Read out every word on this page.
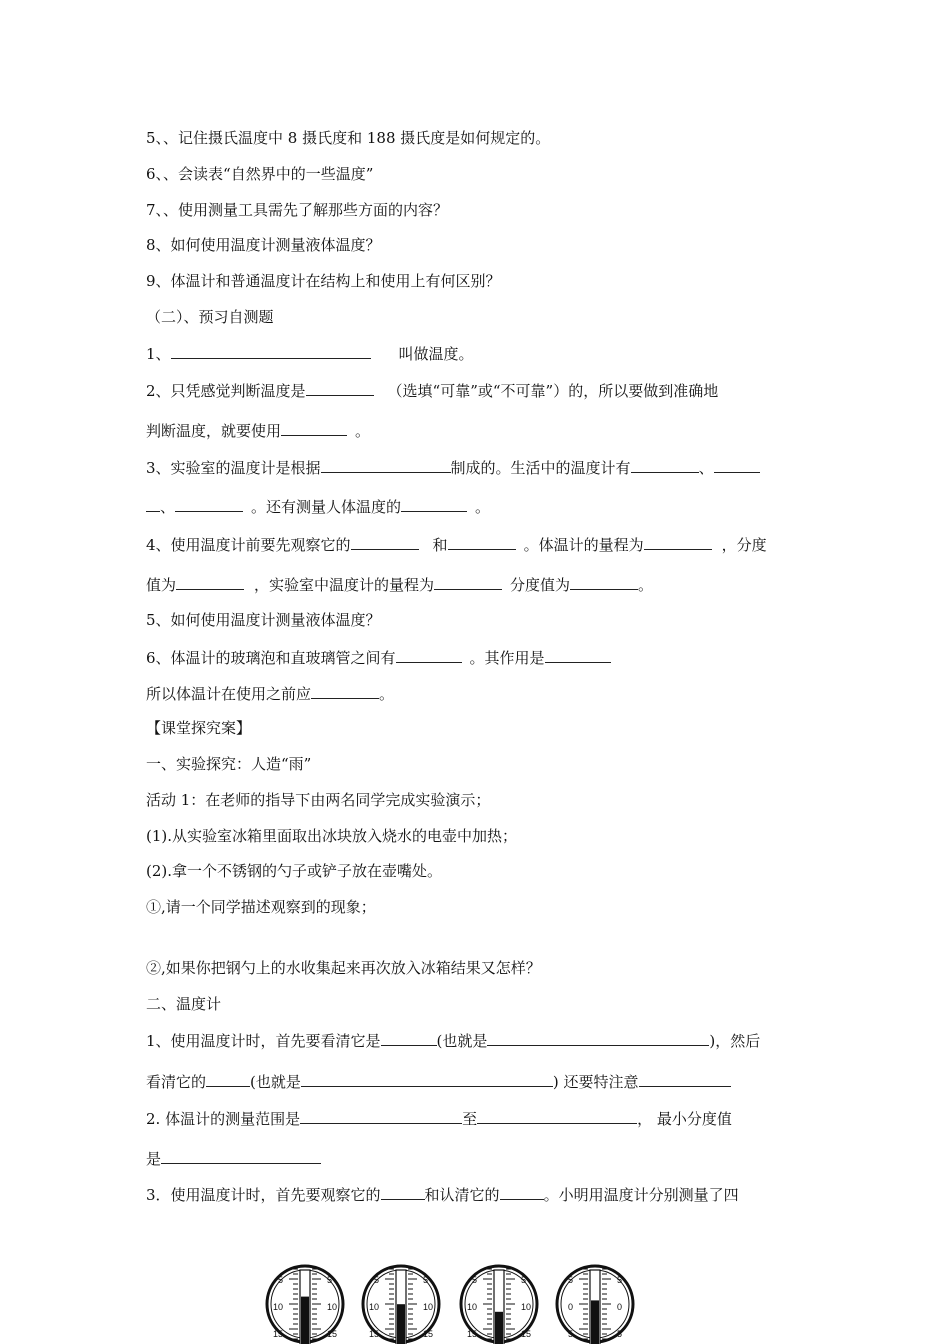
5、、记住摄氏温度中 8 摄氏度和 188 摄氏度是如何规定的。
6、、会读表“自然界中的一些温度”
7、、使用测量工具需先了解那些方面的内容？
8、如何使用温度计测量液体温度？
9、体温计和普通温度计在结构上和使用上有何区别？
（二）、预习自测题
1、	叫做温度。
2、只凭感觉判断温度是	（选填“可靠”或“不可靠”）的，所以要做到准确地
判断温度，就要使用	。
3、实验室的温度计是根据	制成的。生活中的温度计有	、
、	。还有测量人体温度的	。
4、使用温度计前要先观察它的	和	。体温计的量程为	，分度
值为	，实验室中温度计的量程为	分度值为	。
5、如何使用温度计测量液体温度？
6、体温计的玻璃泡和直玻璃管之间有	。其作用是
所以体温计在使用之前应	。
【课堂探究案】
一、实验探究：人造“雨”
活动 1：在老师的指导下由两名同学完成实验演示；
(1).从实验室冰箱里面取出冰块放入烧水的电壶中加热；
(2).拿一个不锈钢的勺子或铲子放在壶嘴处。
①,请一个同学描述观察到的现象；
②,如果你把钢勺上的水收集起来再次放入冰箱结果又怎样？
二、温度计
1、使用温度计时，首先要看清它是	(也就是	)，然后
看清它的	(也就是	) 还要特注意
2. 体温计的测量范围是	至	， 最小分度值
是
3．使用温度计时，首先要观察它的	和认清它的	。小明用温度计分别测量了四
5	5
10	10
15	15
5	5
10	10
15	15
5	5
10	10
15	15
5	5
0	0
5	5
